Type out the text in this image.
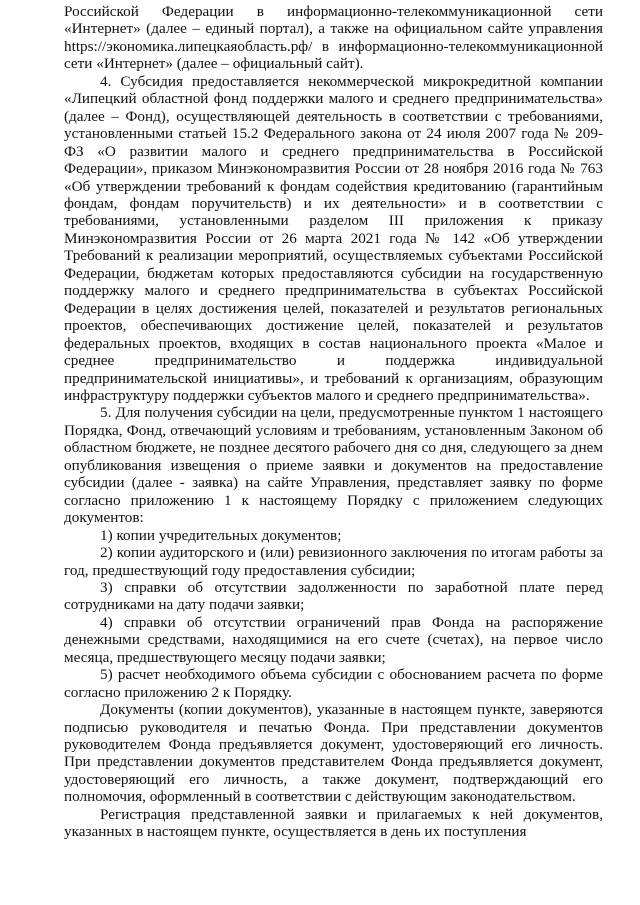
Российской Федерации в информационно-телекоммуникационной сети «Интернет» (далее – единый портал), а также на официальном сайте управления https://экономика.липецкаяобласть.рф/ в информационно-телекоммуникационной сети «Интернет» (далее – официальный сайт).

4. Субсидия предоставляется некоммерческой микрокредитной компании «Липецкий областной фонд поддержки малого и среднего предпринимательства» (далее – Фонд), осуществляющей деятельность в соответствии с требованиями, установленными статьей 15.2 Федерального закона от 24 июля 2007 года № 209-ФЗ «О развитии малого и среднего предпринимательства в Российской Федерации», приказом Минэкономразвития России от 28 ноября 2016 года № 763 «Об утверждении требований к фондам содействия кредитованию (гарантийным фондам, фондам поручительств) и их деятельности» и в соответствии с требованиями, установленными разделом III приложения к приказу Минэкономразвития России от 26 марта 2021 года № 142 «Об утверждении Требований к реализации мероприятий, осуществляемых субъектами Российской Федерации, бюджетам которых предоставляются субсидии на государственную поддержку малого и среднего предпринимательства в субъектах Российской Федерации в целях достижения целей, показателей и результатов региональных проектов, обеспечивающих достижение целей, показателей и результатов федеральных проектов, входящих в состав национального проекта «Малое и среднее предпринимательство и поддержка индивидуальной предпринимательской инициативы», и требований к организациям, образующим инфраструктуру поддержки субъектов малого и среднего предпринимательства».

5. Для получения субсидии на цели, предусмотренные пунктом 1 настоящего Порядка, Фонд, отвечающий условиям и требованиям, установленным Законом об областном бюджете, не позднее десятого рабочего дня со дня, следующего за днем опубликования извещения о приеме заявки и документов на предоставление субсидии (далее - заявка) на сайте Управления, представляет заявку по форме согласно приложению 1 к настоящему Порядку с приложением следующих документов:

1) копии учредительных документов;

2) копии аудиторского и (или) ревизионного заключения по итогам работы за год, предшествующий году предоставления субсидии;

3) справки об отсутствии задолженности по заработной плате перед сотрудниками на дату подачи заявки;

4) справки об отсутствии ограничений прав Фонда на распоряжение денежными средствами, находящимися на его счете (счетах), на первое число месяца, предшествующего месяцу подачи заявки;

5) расчет необходимого объема субсидии с обоснованием расчета по форме согласно приложению 2 к Порядку.

Документы (копии документов), указанные в настоящем пункте, заверяются подписью руководителя и печатью Фонда. При представлении документов руководителем Фонда предъявляется документ, удостоверяющий его личность. При представлении документов представителем Фонда предъявляется документ, удостоверяющий его личность, а также документ, подтверждающий его полномочия, оформленный в соответствии с действующим законодательством.

Регистрация представленной заявки и прилагаемых к ней документов, указанных в настоящем пункте, осуществляется в день их поступления
